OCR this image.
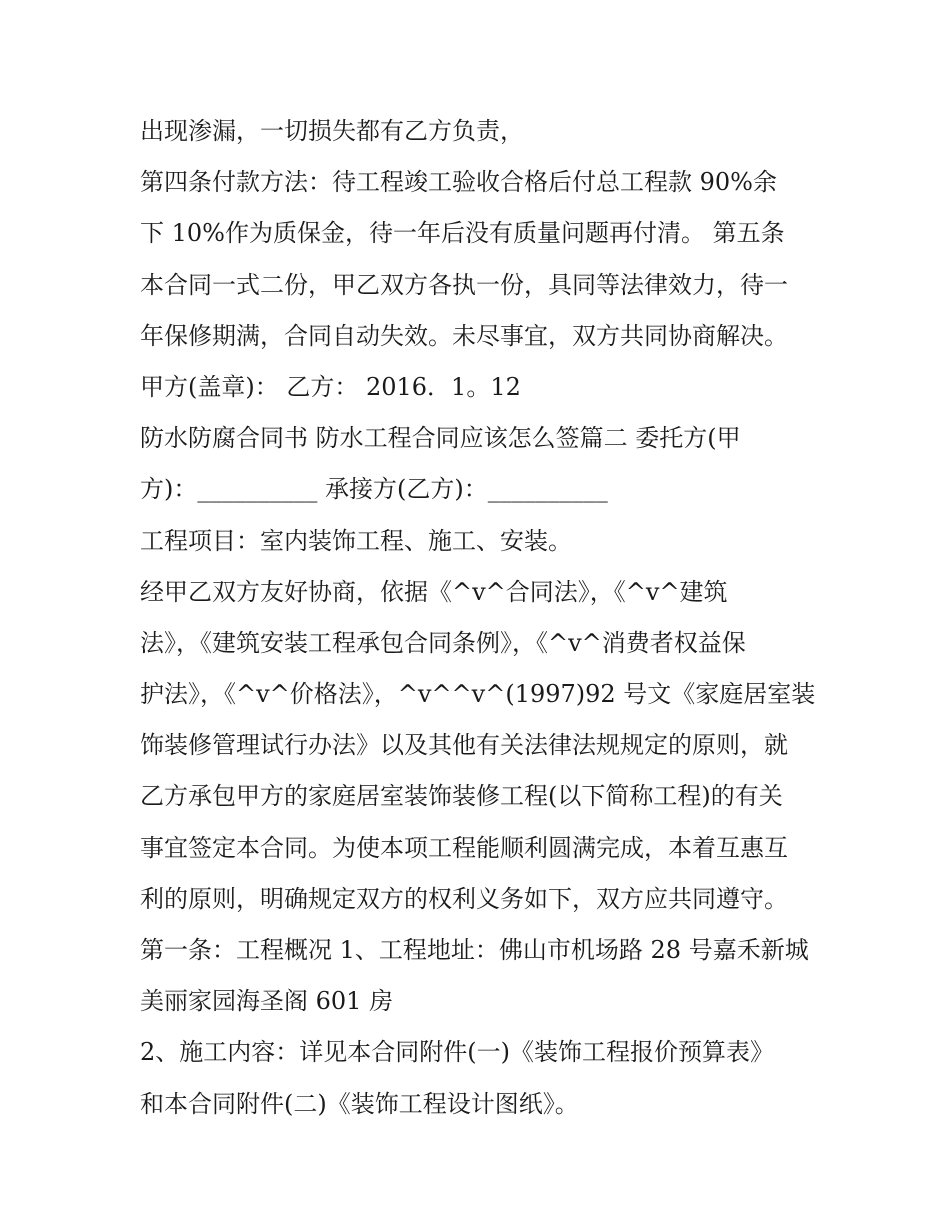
出现渗漏，一切损失都有乙方负责，

第四条付款方法：待工程竣工验收合格后付总工程款 90%余

下 10%作为质保金，待一年后没有质量问题再付清。 第五条

本合同一式二份，甲乙双方各执一份，具同等法律效力，待一

年保修期满，合同自动失效。未尽事宜，双方共同协商解决。

甲方(盖章)： 乙方： 2016．1。12

防水防腐合同书 防水工程合同应该怎么签篇二 委托方(甲

方)：__________ 承接方(乙方)：__________

工程项目：室内装饰工程、施工、安装。

经甲乙双方友好协商，依据《^v^合同法》，《^v^建筑

法》，《建筑安装工程承包合同条例》，《^v^消费者权益保

护法》，《^v^价格法》，^v^^v^(1997)92 号文《家庭居室装

饰装修管理试行办法》以及其他有关法律法规规定的原则，就

乙方承包甲方的家庭居室装饰装修工程(以下简称工程)的有关

事宜签定本合同。为使本项工程能顺利圆满完成，本着互惠互

利的原则，明确规定双方的权利义务如下，双方应共同遵守。

第一条：工程概况 1、工程地址：佛山市机场路 28 号嘉禾新城

美丽家园海圣阁 601 房

2、施工内容：详见本合同附件(一)《装饰工程报价预算表》

和本合同附件(二)《装饰工程设计图纸》。
